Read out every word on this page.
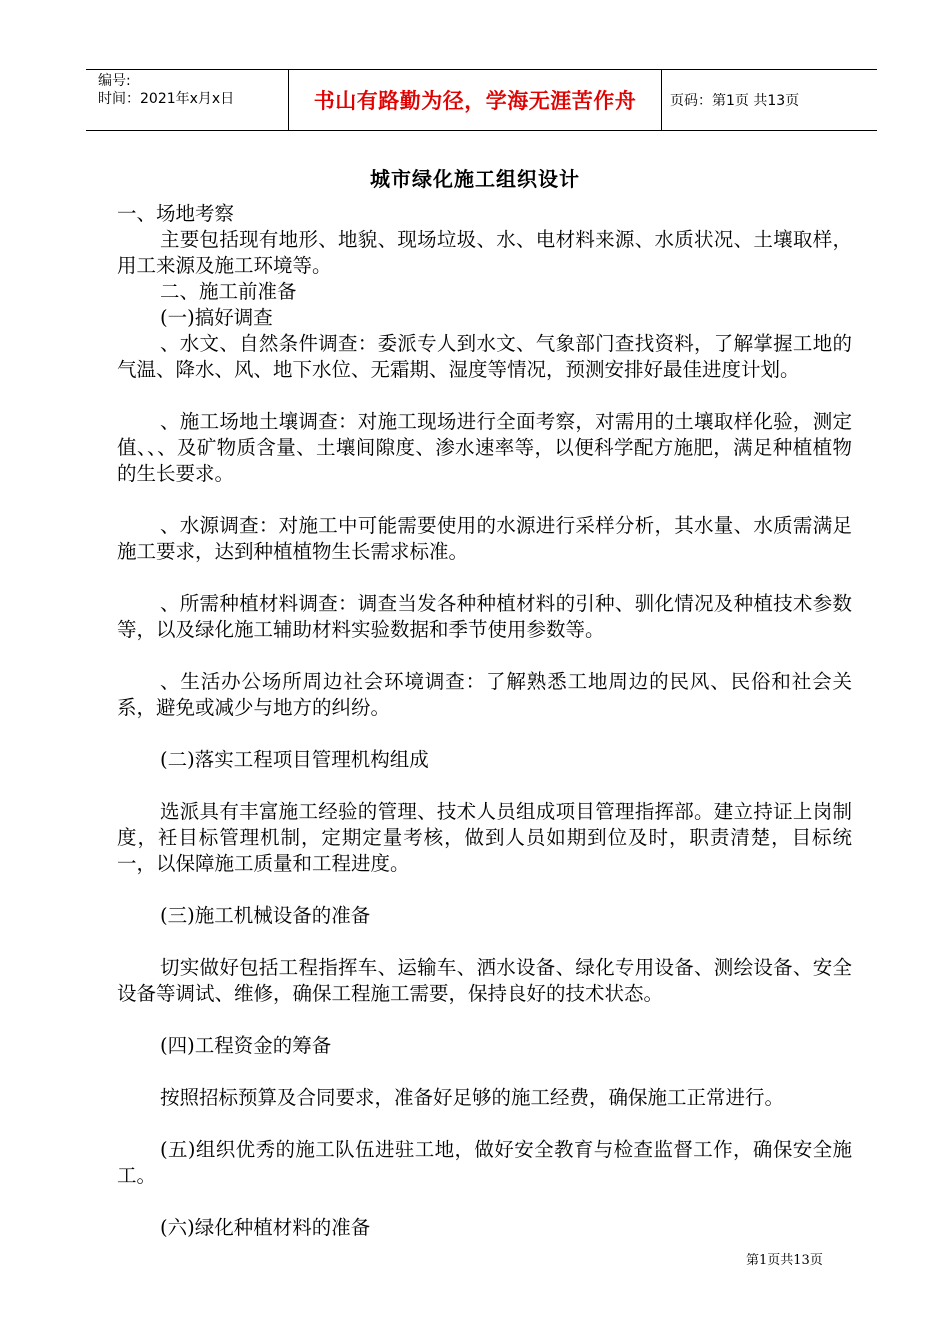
编号:
时间：2021年x月x日	书山有路勤为径，学海无涯苦作舟	页码：第1页 共13页
城市绿化施工组织设计

一、场地考察

主要包括现有地形、地貌、现场垃圾、水、电材料来源、水质状况、土壤取样，用工来源及施工环境等。

二、施工前准备

(一)搞好调查

、水文、自然条件调查：委派专人到水文、气象部门查找资料，了解掌握工地的气温、降水、风、地下水位、无霜期、湿度等情况，预测安排好最佳进度计划。

、施工场地土壤调查：对施工现场进行全面考察，对需用的土壤取样化验，测定值、、、及矿物质含量、土壤间隙度、渗水速率等，以便科学配方施肥，满足种植植物的生长要求。

、水源调查：对施工中可能需要使用的水源进行采样分析，其水量、水质需满足施工要求，达到种植植物生长需求标准。

、所需种植材料调查：调查当发各种种植材料的引种、驯化情况及种植技术参数等，以及绿化施工辅助材料实验数据和季节使用参数等。

、生活办公场所周边社会环境调查：了解熟悉工地周边的民风、民俗和社会关系，避免或减少与地方的纠纷。

(二)落实工程项目管理机构组成

选派具有丰富施工经验的管理、技术人员组成项目管理指挥部。建立持证上岗制度，衽目标管理机制，定期定量考核，做到人员如期到位及时，职责清楚，目标统一，以保障施工质量和工程进度。

(三)施工机械设备的准备

切实做好包括工程指挥车、运输车、洒水设备、绿化专用设备、测绘设备、安全设备等调试、维修，确保工程施工需要，保持良好的技术状态。

(四)工程资金的筹备

按照招标预算及合同要求，准备好足够的施工经费，确保施工正常进行。

(五)组织优秀的施工队伍进驻工地，做好安全教育与检查监督工作，确保安全施工。

(六)绿化种植材料的准备

第1页共13页
